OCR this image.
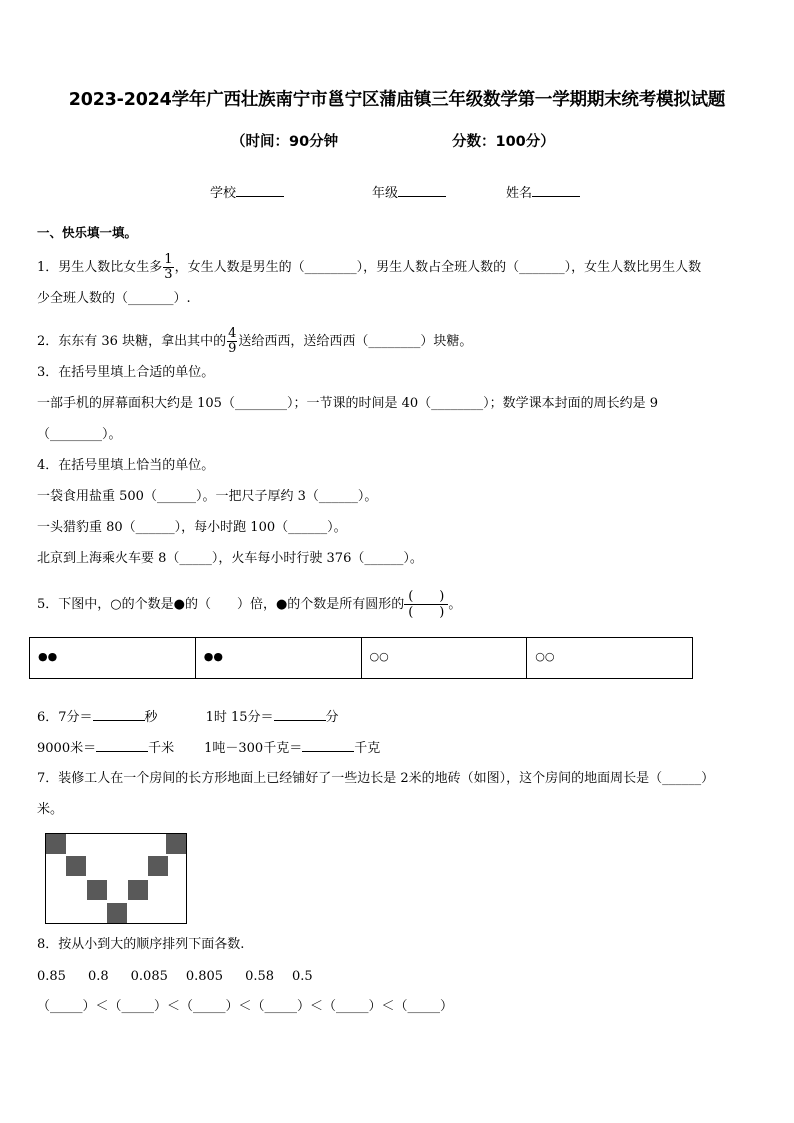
2023-2024学年广西壮族南宁市邕宁区蒲庙镇三年级数学第一学期期末统考模拟试题
（时间：90分钟	分数：100分）
学校	年级	姓名
一、快乐填一填。
1．男生人数比女生多 $\frac{1}{3}$ ，女生人数是男生的（________），男生人数占全班人数的（_______），女生人数比男生人数
少全班人数的（_______）.
2．东东有 36 块糖，拿出其中的 $\frac{4}{9}$ 送给西西，送给西西（________）块糖。
3．在括号里填上合适的单位。
一部手机的屏幕面积大约是 105（________）；一节课的时间是 40（________）；数学课本封面的周长约是 9
（________）。
4．在括号里填上恰当的单位。
一袋食用盐重 500（______）。一把尺子厚约 3（______）。
一头猎豹重 80（______），每小时跑 100（______）。
北京到上海乘火车要 8（_____），火车每小时行驶 376（______）。
5．下图中，○的个数是●的（　　）倍，●的个数是所有圆形的
(　　)
(　　)。
●●	●●	○○	○○
6．7分＝	秒	1时 15分＝	分
9000米＝	千米 1吨－300千克＝	千克
7．装修工人在一个房间的长方形地面上已经铺好了一些边长是 2米的地砖（如图），这个房间的地面周长是（______）
米。
8．按从小到大的顺序排列下面各数.
0.85 0.8 0.085 0.805 0.58 0.5
（_____）＜（_____）＜（_____）＜（_____）＜（_____）＜（_____）
